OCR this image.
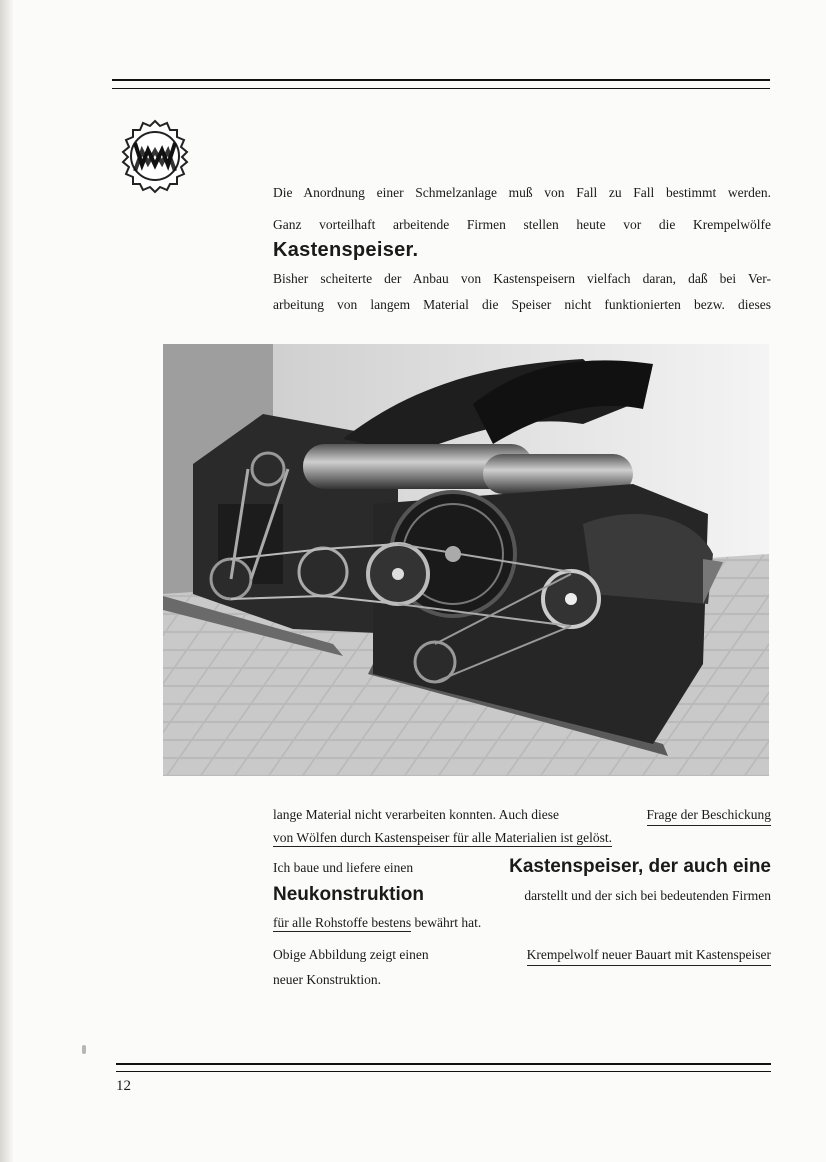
Die Anordnung einer Schmelzanlage muß von Fall zu Fall bestimmt werden.
Ganz vorteilhaft arbeitende Firmen stellen heute vor die Krempelwölfe
Kastenspeiser.
Bisher scheiterte der Anbau von Kastenspeisern vielfach daran, daß bei Ver-
arbeitung von langem Material die Speiser nicht funktionierten bezw. dieses
lange Material nicht verarbeiten konnten. Auch diese	Frage der Beschickung
von Wölfen durch Kastenspeiser für alle Materialien ist gelöst.
Ich baue und liefere einen	Kastenspeiser, der auch eine
Neukonstruktion	darstellt und der sich bei bedeutenden Firmen
für alle Rohstoffe bestens bewährt hat.
Obige Abbildung zeigt einen	Krempelwolf neuer Bauart mit Kastenspeiser
neuer Konstruktion.
12
